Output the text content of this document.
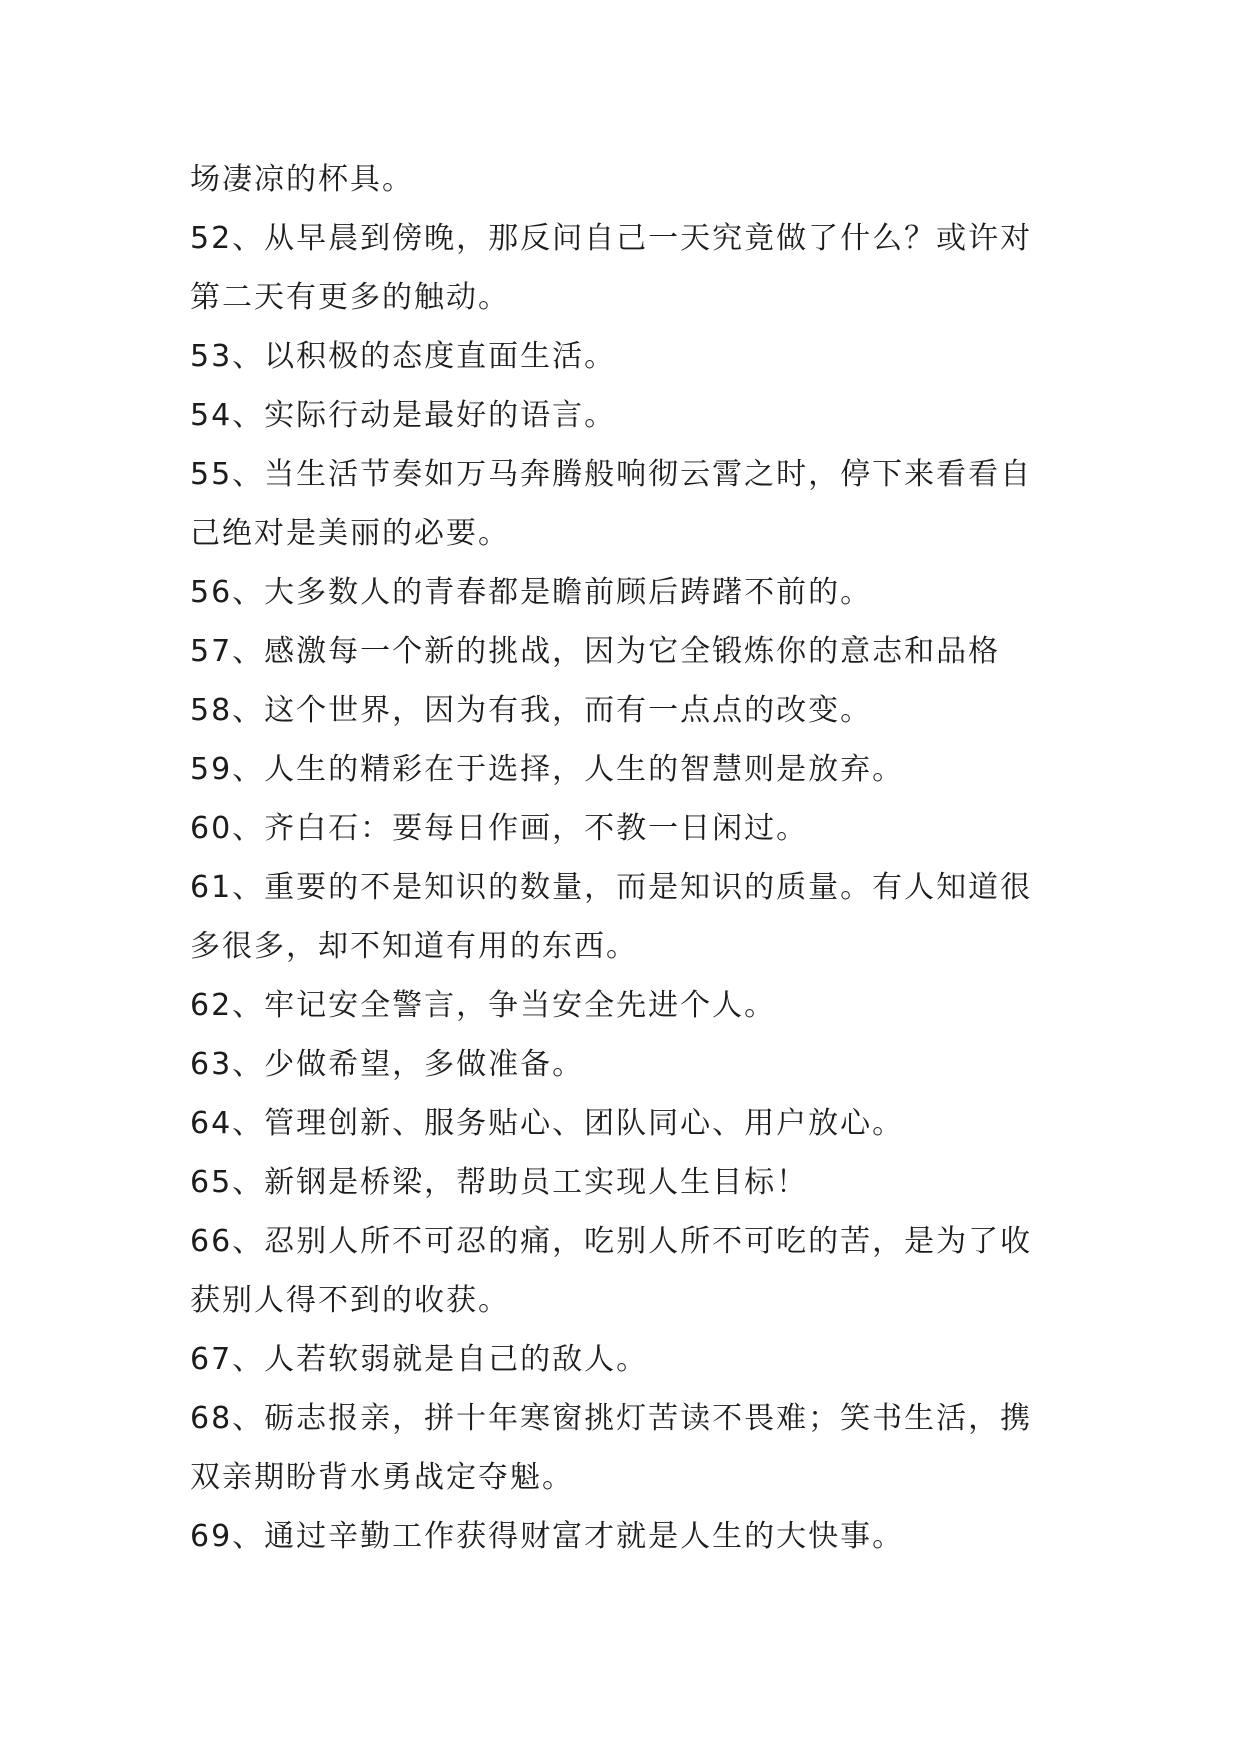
场凄凉的杯具。
52、从早晨到傍晚，那反问自己一天究竟做了什么？或许对
第二天有更多的触动。
53、以积极的态度直面生活。
54、实际行动是最好的语言。
55、当生活节奏如万马奔腾般响彻云霄之时，停下来看看自
己绝对是美丽的必要。
56、大多数人的青春都是瞻前顾后踌躇不前的。
57、感激每一个新的挑战，因为它全锻炼你的意志和品格
58、这个世界，因为有我，而有一点点的改变。
59、人生的精彩在于选择，人生的智慧则是放弃。
60、齐白石：要每日作画，不教一日闲过。
61、重要的不是知识的数量，而是知识的质量。有人知道很
多很多，却不知道有用的东西。
62、牢记安全警言，争当安全先进个人。
63、少做希望，多做准备。
64、管理创新、服务贴心、团队同心、用户放心。
65、新钢是桥梁，帮助员工实现人生目标！
66、忍别人所不可忍的痛，吃别人所不可吃的苦，是为了收
获别人得不到的收获。
67、人若软弱就是自己的敌人。
68、砺志报亲，拼十年寒窗挑灯苦读不畏难；笑书生活，携
双亲期盼背水勇战定夺魁。
69、通过辛勤工作获得财富才就是人生的大快事。
